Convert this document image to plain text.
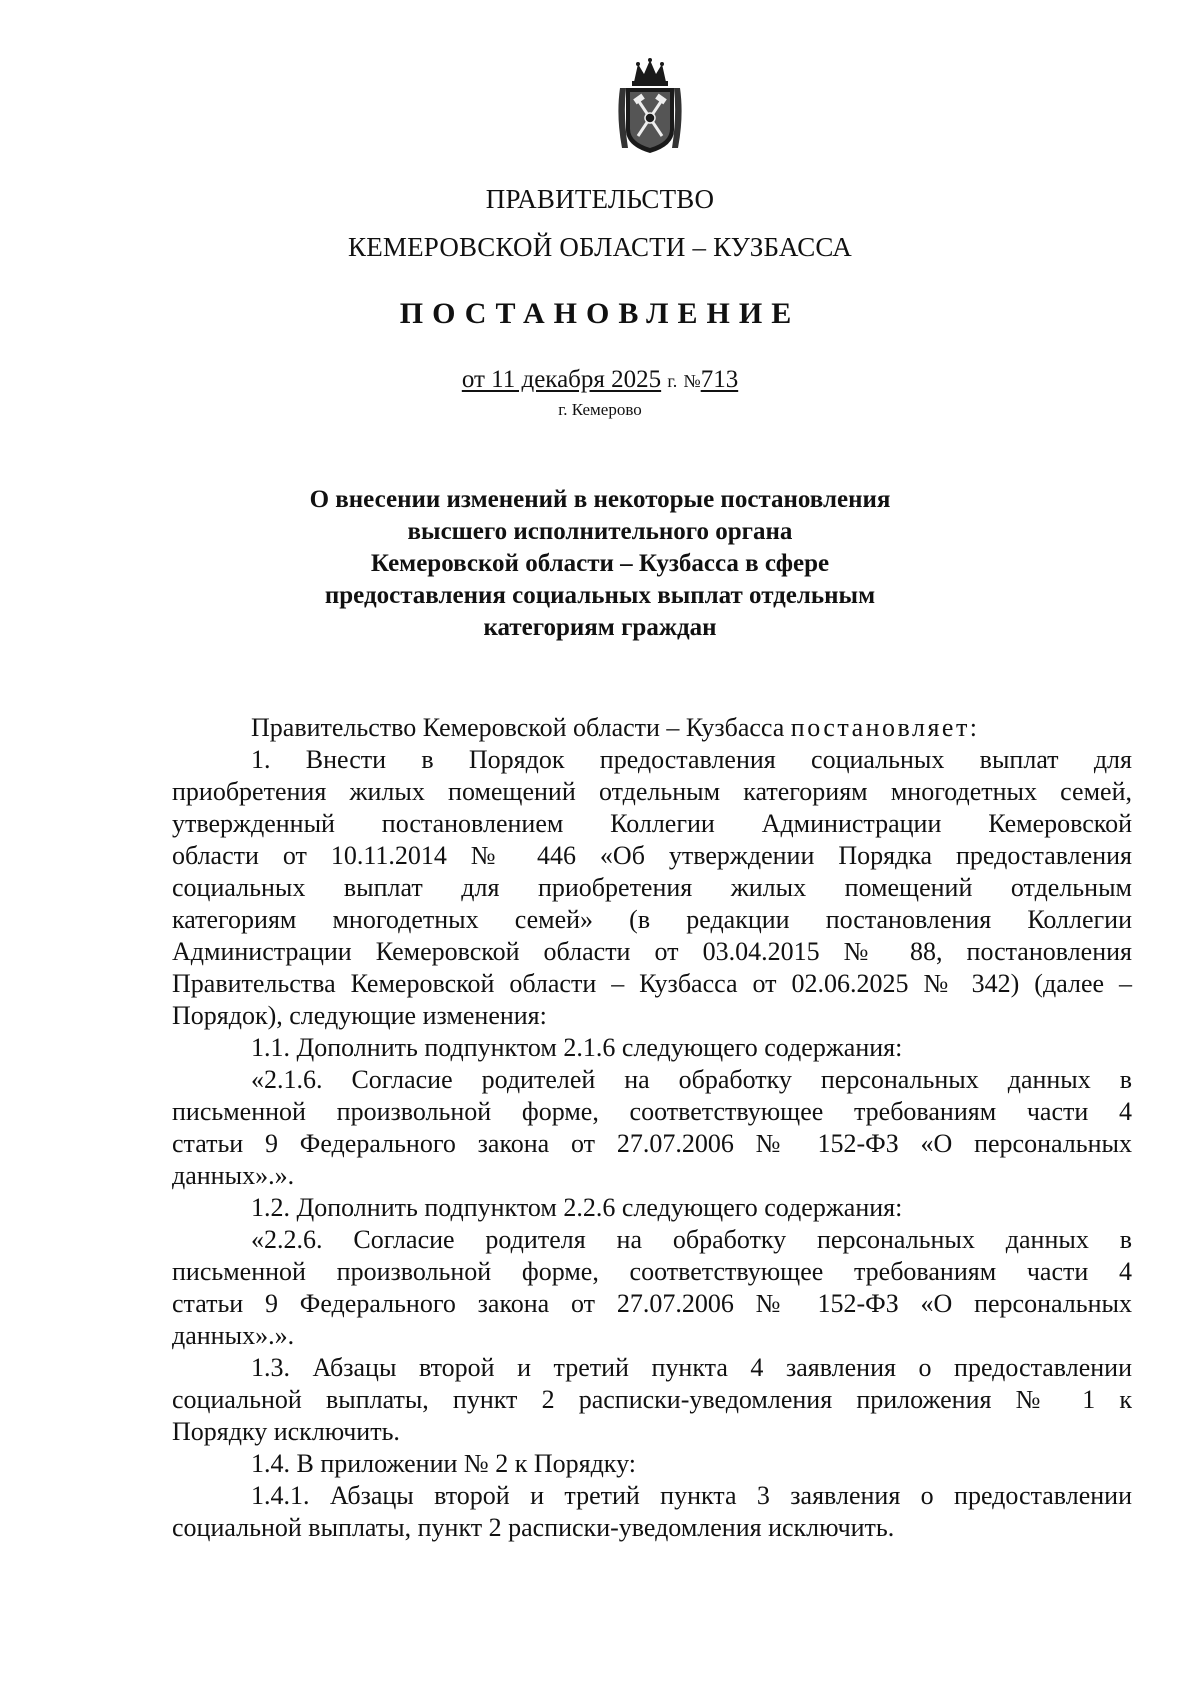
ПРАВИТЕЛЬСТВО
КЕМЕРОВСКОЙ ОБЛАСТИ – КУЗБАССА
ПОСТАНОВЛЕНИЕ
от 11 декабря 2025 г. №713
г. Кемерово
О внесении изменений в некоторые постановления
высшего исполнительного органа
Кемеровской области – Кузбасса в сфере
предоставления социальных выплат отдельным
категориям граждан
Правительство Кемеровской области – Кузбасса постановляет:
1. Внести в Порядок предоставления социальных выплат для
приобретения жилых помещений отдельным категориям многодетных семей,
утвержденный постановлением Коллегии Администрации Кемеровской
области от 10.11.2014 № 446 «Об утверждении Порядка предоставления
социальных выплат для приобретения жилых помещений отдельным
категориям многодетных семей» (в редакции постановления Коллегии
Администрации Кемеровской области от 03.04.2015 № 88, постановления
Правительства Кемеровской области – Кузбасса от 02.06.2025 № 342) (далее –
Порядок), следующие изменения:
1.1. Дополнить подпунктом 2.1.6 следующего содержания:
«2.1.6. Согласие родителей на обработку персональных данных в
письменной произвольной форме, соответствующее требованиям части 4
статьи 9 Федерального закона от 27.07.2006 № 152-ФЗ «О персональных
данных».».
1.2. Дополнить подпунктом 2.2.6 следующего содержания:
«2.2.6. Согласие родителя на обработку персональных данных в
письменной произвольной форме, соответствующее требованиям части 4
статьи 9 Федерального закона от 27.07.2006 № 152-ФЗ «О персональных
данных».».
1.3. Абзацы второй и третий пункта 4 заявления о предоставлении
социальной выплаты, пункт 2 расписки-уведомления приложения № 1 к
Порядку исключить.
1.4. В приложении № 2 к Порядку:
1.4.1. Абзацы второй и третий пункта 3 заявления о предоставлении
социальной выплаты, пункт 2 расписки-уведомления исключить.
